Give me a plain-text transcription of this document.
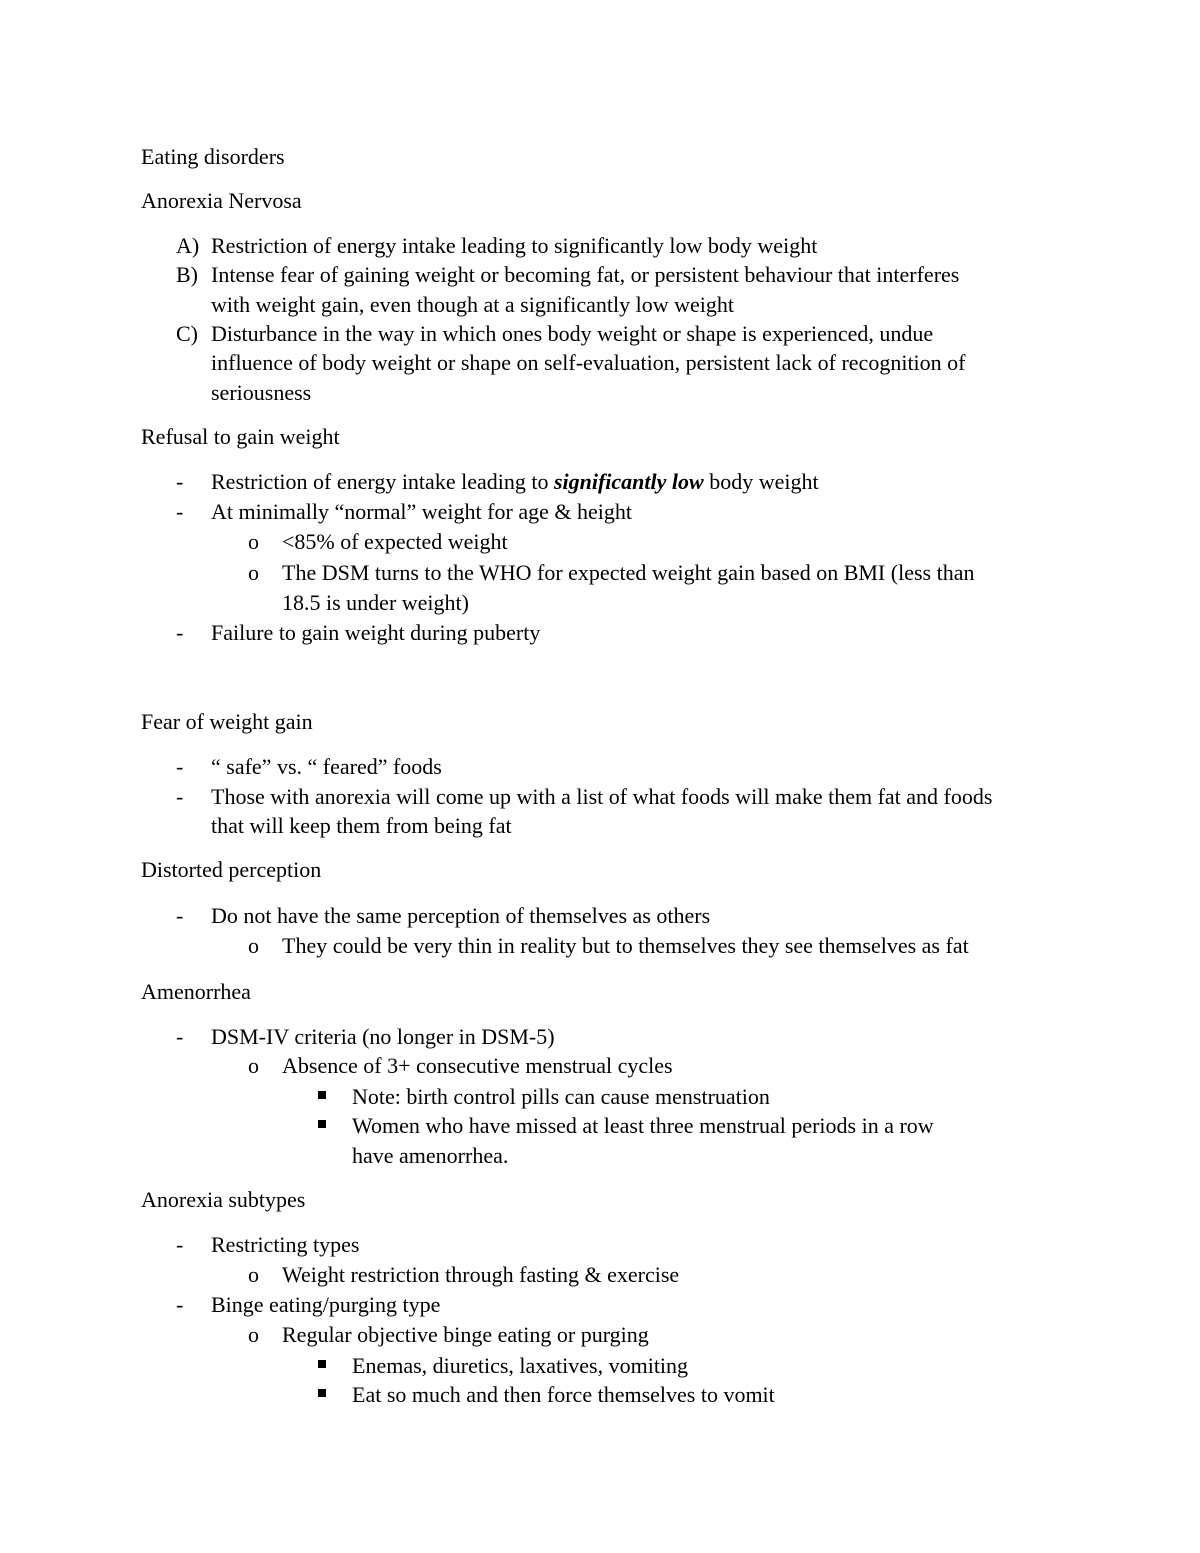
Eating disorders
Anorexia Nervosa
A) Restriction of energy intake leading to significantly low body weight
B) Intense fear of gaining weight or becoming fat, or persistent behaviour that interferes
with weight gain, even though at a significantly low weight
C) Disturbance in the way in which ones body weight or shape is experienced, undue
influence of body weight or shape on self-evaluation, persistent lack of recognition of
seriousness
Refusal to gain weight
- Restriction of energy intake leading to significantly low body weight
- At minimally “normal” weight for age & height
o <85% of expected weight
o The DSM turns to the WHO for expected weight gain based on BMI (less than
18.5 is under weight)
- Failure to gain weight during puberty
Fear of weight gain
- “ safe” vs. “ feared” foods
- Those with anorexia will come up with a list of what foods will make them fat and foods
that will keep them from being fat
Distorted perception
- Do not have the same perception of themselves as others
o They could be very thin in reality but to themselves they see themselves as fat
Amenorrhea
- DSM-IV criteria (no longer in DSM-5)
o Absence of 3+ consecutive menstrual cycles
Note: birth control pills can cause menstruation
Women who have missed at least three menstrual periods in a row
have amenorrhea.
Anorexia subtypes
- Restricting types
o Weight restriction through fasting & exercise
- Binge eating/purging type
o Regular objective binge eating or purging
Enemas, diuretics, laxatives, vomiting
Eat so much and then force themselves to vomit
